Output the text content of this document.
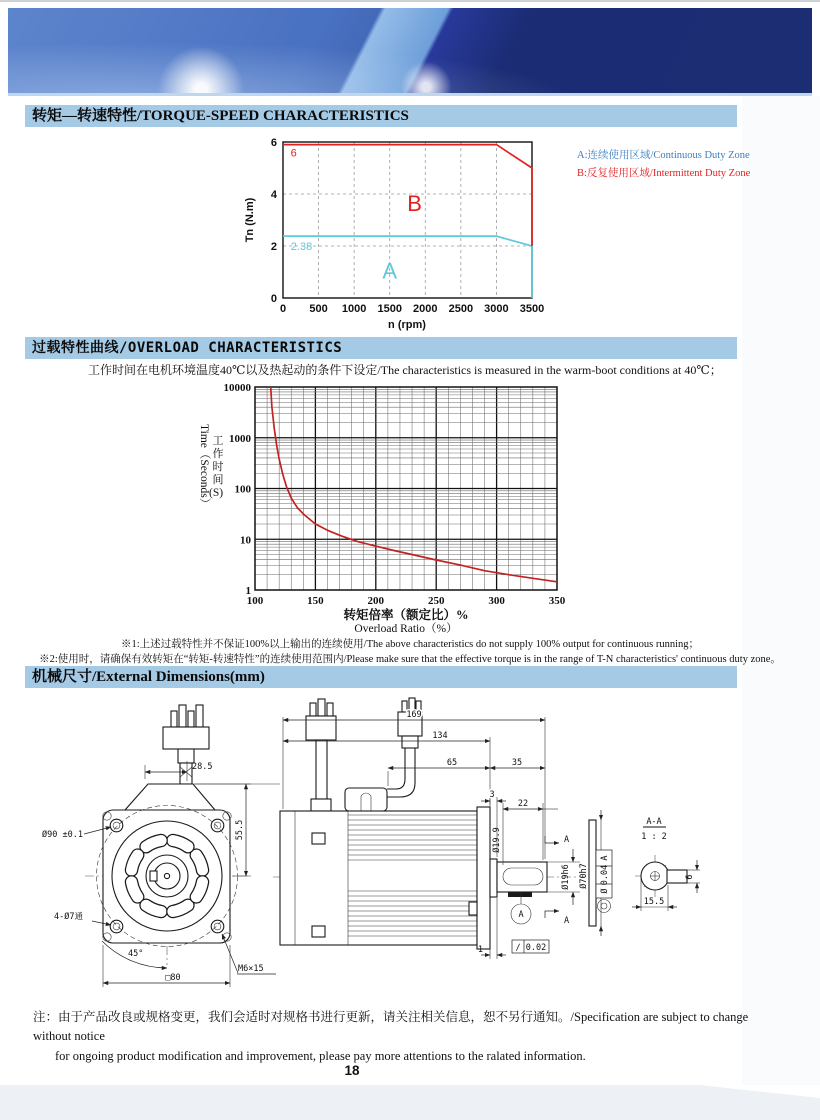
转矩—转速特性/TORQUE-SPEED CHARACTERISTICS
0 500 1000 1500 2000 2500 3000 3500
0
2
4
6
6
2.38
B
A
n (rpm)
Tn (N.m)
A:连续使用区域/Continuous Duty Zone
B:反复使用区域/Intermittent Duty Zone
过载特性曲线/OVERLOAD CHARACTERISTICS
工作时间在电机环境温度40℃以及热起动的条件下设定/The characteristics is measured in the warm-boot conditions at 40℃；
100	150	200	250	300	350
1
10
100
1000
10000
Time（Seconds） 工
作
时
间
(S)
转矩倍率（额定比）%
Overload Ratio（%）
※1:上述过载特性并不保证100%以上输出的连续使用/The above characteristics do not supply 100% output for continuous running；
※2:使用时，请确保有效转矩在“转矩-转速特性”的连续使用范围内/Please make sure that the effective torque is in the range of T-N characteristics' continuous duty zone。
机械尺寸/External Dimensions(mm)
28.5
55.5
Ø90 ±0.1
4-Ø7通
45°
□80
M6×15
169
134
65	35
3
22
Ø19.9
1	∕ 0.02
A
A
A
Ø19h6 Ø70h7
A
0.04
Ø
A-A
1 : 2
6
15.5
注：由于产品改良或规格变更，我们会适时对规格书进行更新，请关注相关信息，恕不另行通知。/Specification are subject to change without notice
for ongoing product modification and improvement, please pay more attentions to the ralated information.
18
